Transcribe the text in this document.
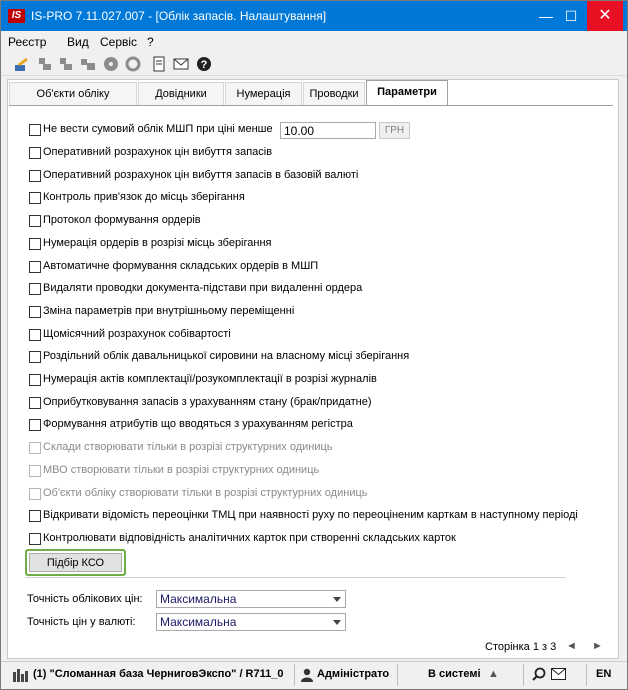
IS IS-PRO 7.11.027.007 - [Облік запасів. Налаштування]	— ☐	✕
Реєстр Вид Сервіс ?
?
Об'єкти обліку	Довідники	Нумерація	Проводки	Параметри
Не вести сумовий облік МШП при ціні менше 10.00	ГРН
Оперативний розрахунок цін вибуття запасів
Оперативний розрахунок цін вибуття запасів в базовій валюті
Контроль прив'язок до місць зберігання
Протокол формування ордерів
Нумерація ордерів в розрізі місць зберігання
Автоматичне формування складських ордерів в МШП
Видаляти проводки документа-підстави при видаленні ордера
Зміна параметрів при внутрішньому переміщенні
Щомісячний розрахунок собівартості
Роздільний облік давальницької сировини на власному місці зберігання
Нумерація актів комплектації/розукомплектації в розрізі журналів
Оприбутковування запасів з урахуванням стану (брак/придатне)
Формування атрибутів що вводяться з урахуванням регістра
Склади створювати тільки в розрізі структурних одиниць
МВО створювати тільки в розрізі структурних одиниць
Об'єкти обліку створювати тільки в розрізі структурних одиниць
Відкривати відомість переоцінки ТМЦ при наявності руху по переоціненим карткам в наступному періоді
Контролювати відповідність аналітичних карток при створенні складських карток
Підбір КСО
Точність облікових цін:	Максимальна
Точність цін у валюті:	Максимальна
Сторінка 1 з 3 ◄ ►
(1) "Сломанная база ЧерниговЭкспо" / R711_0	Адміністрато	В системі ▲	EN
